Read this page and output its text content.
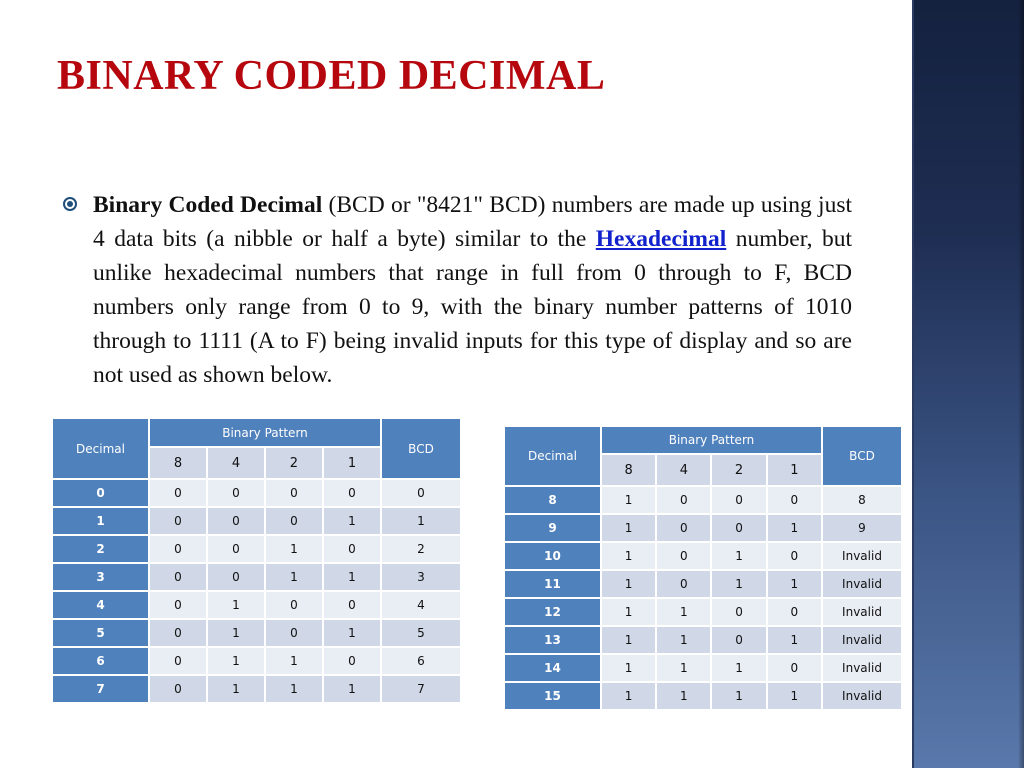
BINARY CODED DECIMAL

Binary Coded Decimal (BCD or "8421" BCD) numbers are made up using just 4 data bits (a nibble or half a byte) similar to the Hexadecimal number, but unlike hexadecimal numbers that range in full from 0 through to F, BCD numbers only range from 0 to 9, with the binary number patterns of 1010 through to 1111 (A to F) being invalid inputs for this type of display and so are not used as shown below.

Decimal	Binary Pattern				BCD
	8	4	2	1	
0	0	0	0	0	0
1	0	0	0	1	1
2	0	0	1	0	2
3	0	0	1	1	3
4	0	1	0	0	4
5	0	1	0	1	5
6	0	1	1	0	6
7	0	1	1	1	7
Decimal	Binary Pattern				BCD
	8	4	2	1	
8	1	0	0	0	8
9	1	0	0	1	9
10	1	0	1	0	Invalid
11	1	0	1	1	Invalid
12	1	1	0	0	Invalid
13	1	1	0	1	Invalid
14	1	1	1	0	Invalid
15	1	1	1	1	Invalid
